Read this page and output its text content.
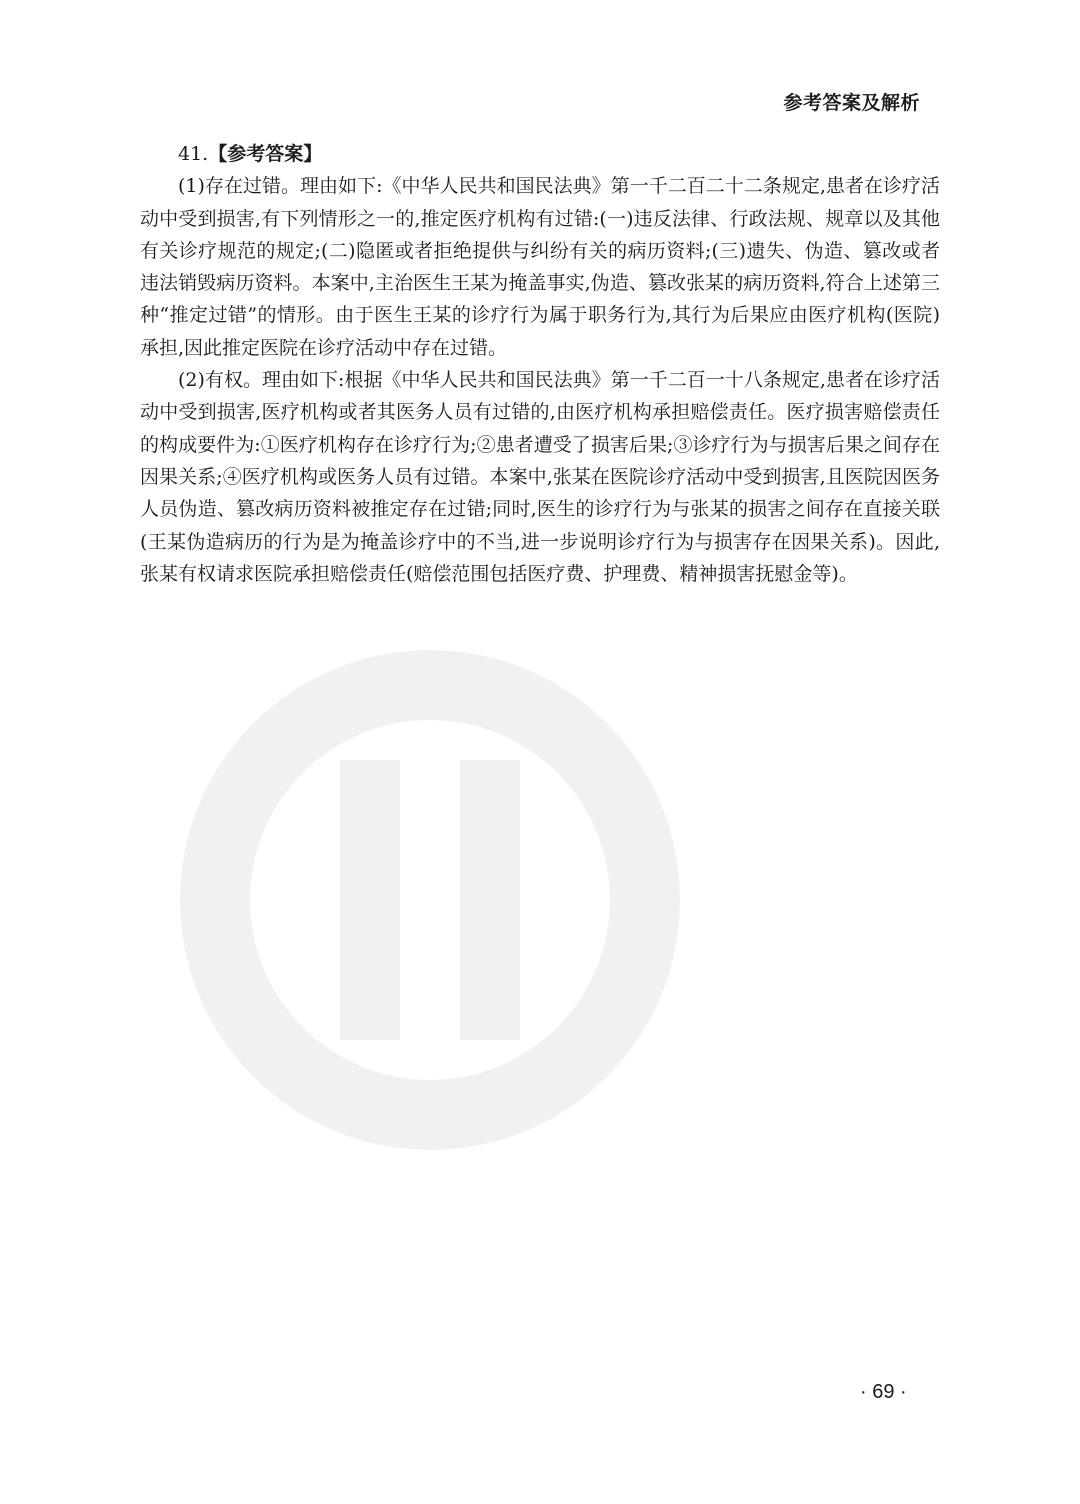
参考答案及解析
41.【参考答案】

(1)存在过错。理由如下:《中华人民共和国民法典》第一千二百二十二条规定,患者在诊疗活动中受到损害,有下列情形之一的,推定医疗机构有过错:(一)违反法律、行政法规、规章以及其他有关诊疗规范的规定;(二)隐匿或者拒绝提供与纠纷有关的病历资料;(三)遗失、伪造、篡改或者违法销毁病历资料。本案中,主治医生王某为掩盖事实,伪造、篡改张某的病历资料,符合上述第三种“推定过错”的情形。由于医生王某的诊疗行为属于职务行为,其行为后果应由医疗机构(医院)承担,因此推定医院在诊疗活动中存在过错。

(2)有权。理由如下:根据《中华人民共和国民法典》第一千二百一十八条规定,患者在诊疗活动中受到损害,医疗机构或者其医务人员有过错的,由医疗机构承担赔偿责任。医疗损害赔偿责任的构成要件为:①医疗机构存在诊疗行为;②患者遭受了损害后果;③诊疗行为与损害后果之间存在因果关系;④医疗机构或医务人员有过错。本案中,张某在医院诊疗活动中受到损害,且医院因医务人员伪造、篡改病历资料被推定存在过错;同时,医生的诊疗行为与张某的损害之间存在直接关联(王某伪造病历的行为是为掩盖诊疗中的不当,进一步说明诊疗行为与损害存在因果关系)。因此,张某有权请求医院承担赔偿责任(赔偿范围包括医疗费、护理费、精神损害抚慰金等)。

· 69 ·
